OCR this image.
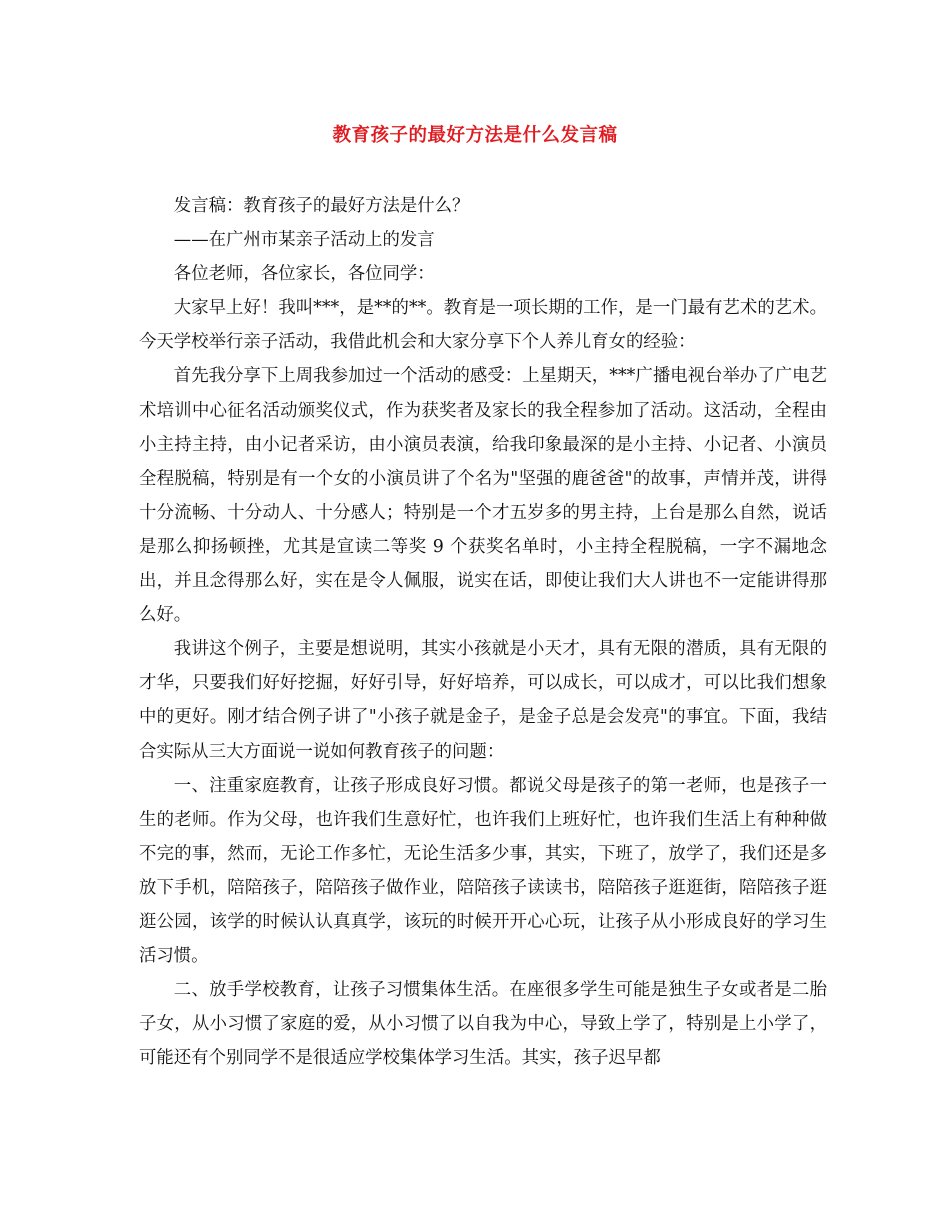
教育孩子的最好方法是什么发言稿

发言稿：教育孩子的最好方法是什么？

——在广州市某亲子活动上的发言

各位老师，各位家长，各位同学：

大家早上好！我叫***，是**的**。教育是一项长期的工作，是一门最有艺术的艺术。今天学校举行亲子活动，我借此机会和大家分享下个人养儿育女的经验：

首先我分享下上周我参加过一个活动的感受：上星期天，***广播电视台举办了广电艺术培训中心征名活动颁奖仪式，作为获奖者及家长的我全程参加了活动。这活动，全程由小主持主持，由小记者采访，由小演员表演，给我印象最深的是小主持、小记者、小演员全程脱稿，特别是有一个女的小演员讲了个名为"坚强的鹿爸爸"的故事，声情并茂，讲得十分流畅、十分动人、十分感人；特别是一个才五岁多的男主持，上台是那么自然，说话是那么抑扬顿挫，尤其是宣读二等奖 9 个获奖名单时，小主持全程脱稿，一字不漏地念出，并且念得那么好，实在是令人佩服，说实在话，即使让我们大人讲也不一定能讲得那么好。

我讲这个例子，主要是想说明，其实小孩就是小天才，具有无限的潜质，具有无限的才华，只要我们好好挖掘，好好引导，好好培养，可以成长，可以成才，可以比我们想象中的更好。刚才结合例子讲了"小孩子就是金子，是金子总是会发亮"的事宜。下面，我结合实际从三大方面说一说如何教育孩子的问题：

一、注重家庭教育，让孩子形成良好习惯。都说父母是孩子的第一老师，也是孩子一生的老师。作为父母，也许我们生意好忙，也许我们上班好忙，也许我们生活上有种种做不完的事，然而，无论工作多忙，无论生活多少事，其实，下班了，放学了，我们还是多放下手机，陪陪孩子，陪陪孩子做作业，陪陪孩子读读书，陪陪孩子逛逛街，陪陪孩子逛逛公园，该学的时候认认真真学，该玩的时候开开心心玩，让孩子从小形成良好的学习生活习惯。

二、放手学校教育，让孩子习惯集体生活。在座很多学生可能是独生子女或者是二胎子女，从小习惯了家庭的爱，从小习惯了以自我为中心，导致上学了，特别是上小学了，可能还有个别同学不是很适应学校集体学习生活。其实，孩子迟早都
